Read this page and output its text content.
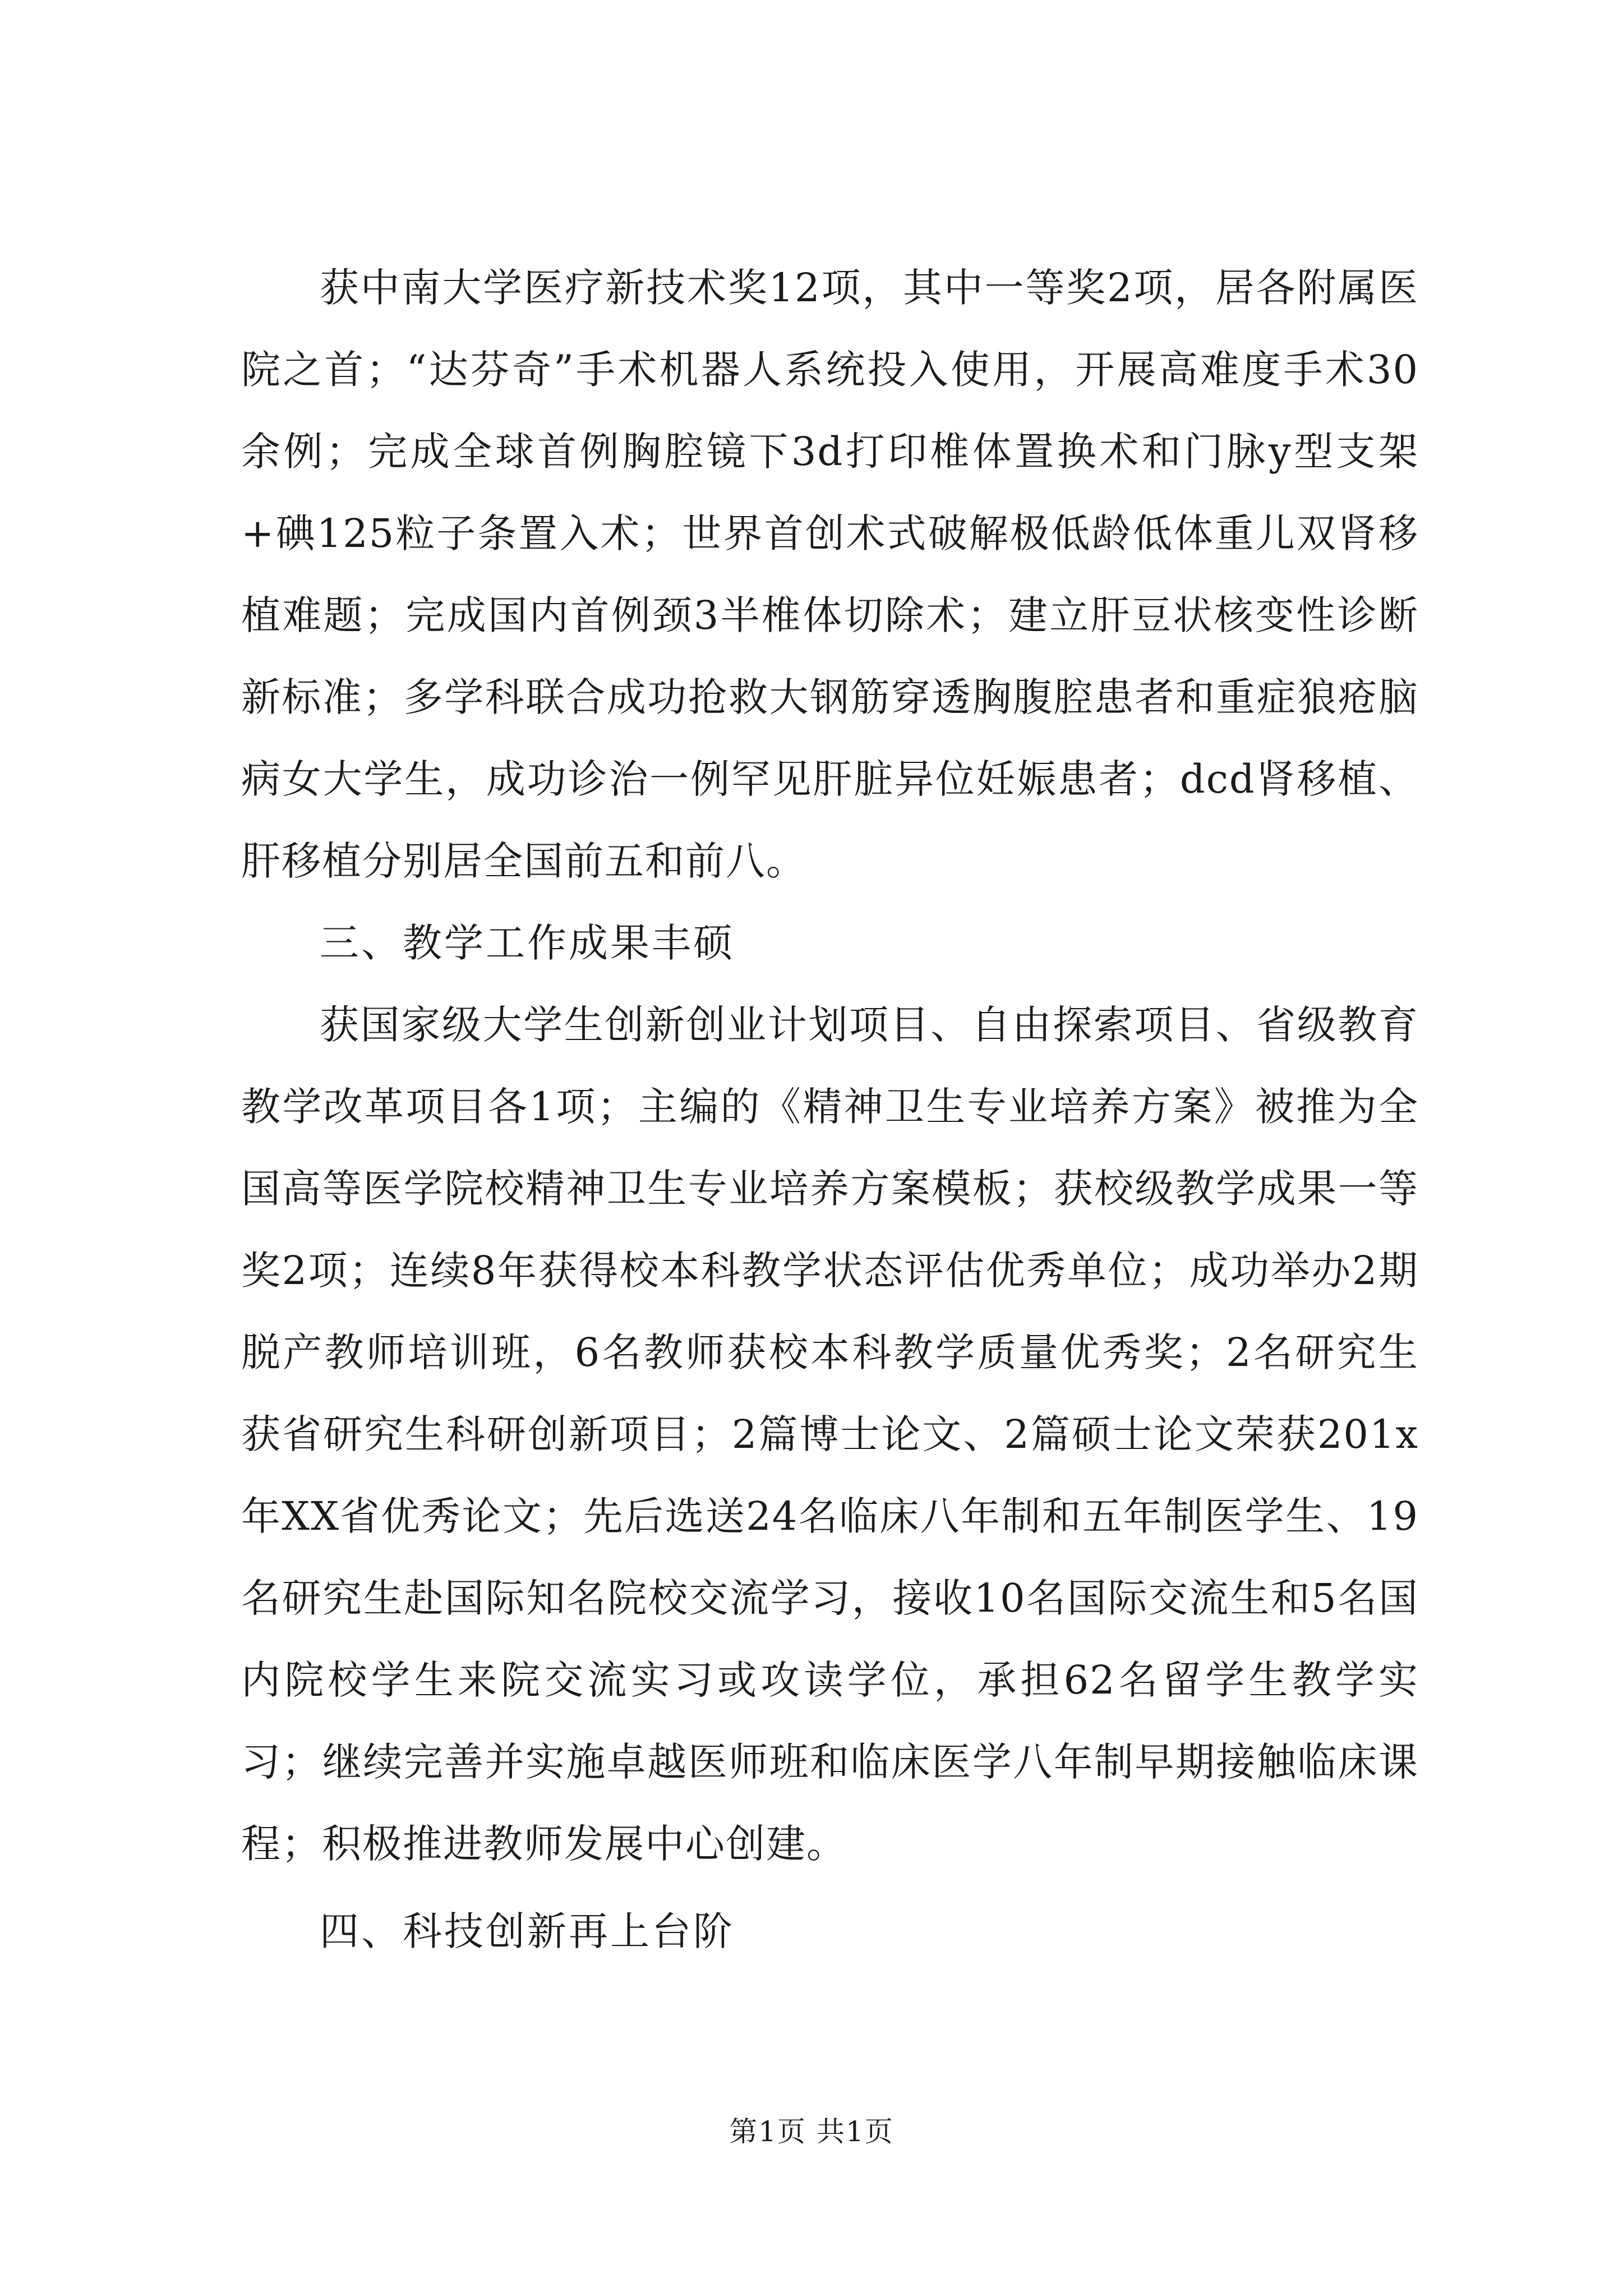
获中南大学医疗新技术奖12项，其中一等奖2项，居各附属医院之首；“达芬奇”手术机器人系统投入使用，开展高难度手术30余例；完成全球首例胸腔镜下3d打印椎体置换术和门脉y型支架+碘125粒子条置入术；世界首创术式破解极低龄低体重儿双肾移植难题；完成国内首例颈3半椎体切除术；建立肝豆状核变性诊断新标准；多学科联合成功抢救大钢筋穿透胸腹腔患者和重症狼疮脑病女大学生，成功诊治一例罕见肝脏异位妊娠患者；dcd肾移植、肝移植分别居全国前五和前八。

三、教学工作成果丰硕

获国家级大学生创新创业计划项目、自由探索项目、省级教育教学改革项目各1项；主编的《精神卫生专业培养方案》被推为全国高等医学院校精神卫生专业培养方案模板；获校级教学成果一等奖2项；连续8年获得校本科教学状态评估优秀单位；成功举办2期脱产教师培训班，6名教师获校本科教学质量优秀奖；2名研究生获省研究生科研创新项目；2篇博士论文、2篇硕士论文荣获201x年XX省优秀论文；先后选送24名临床八年制和五年制医学生、19名研究生赴国际知名院校交流学习，接收10名国际交流生和5名国内院校学生来院交流实习或攻读学位，承担62名留学生教学实习；继续完善并实施卓越医师班和临床医学八年制早期接触临床课程；积极推进教师发展中心创建。

四、科技创新再上台阶

第1页 共1页
